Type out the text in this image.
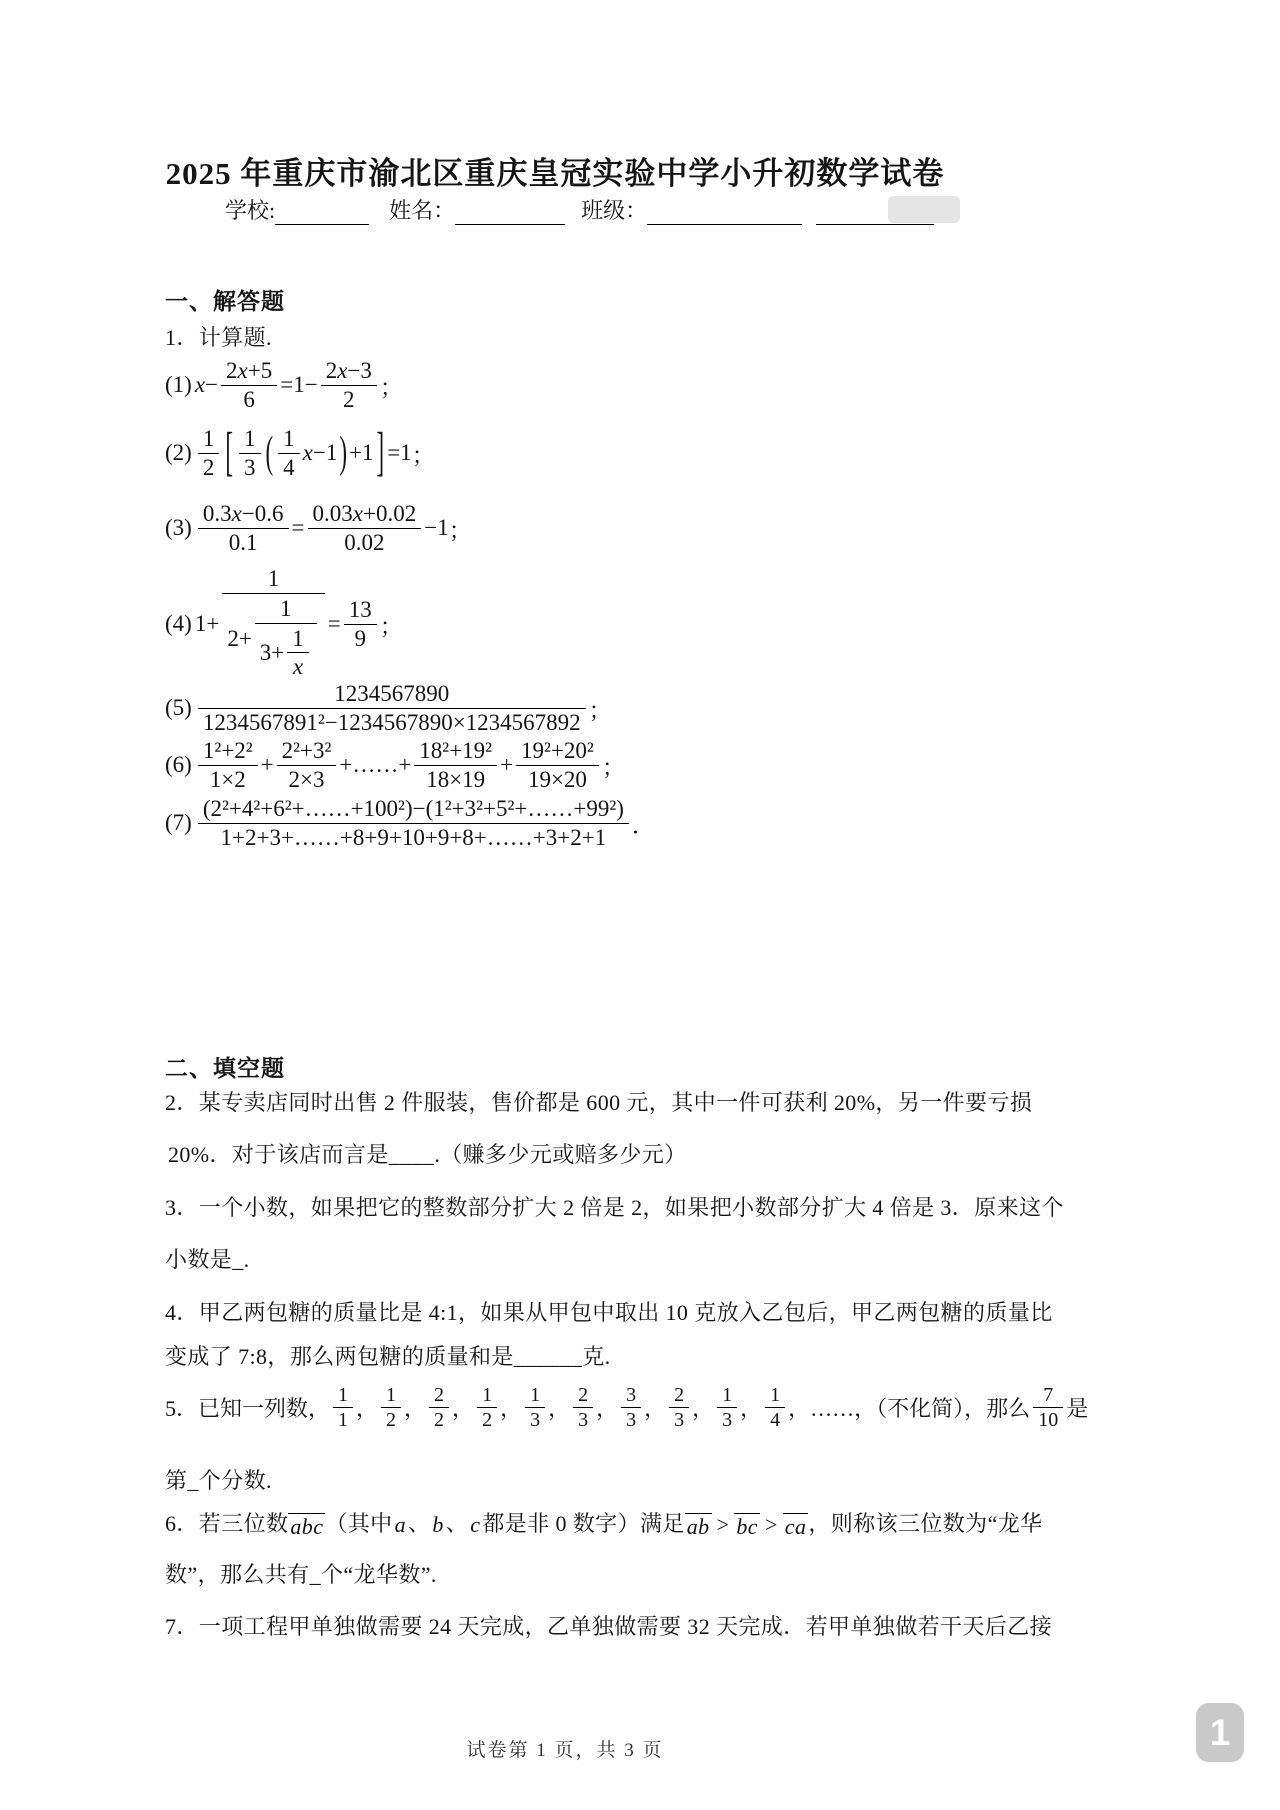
2025 年重庆市渝北区重庆皇冠实验中学小升初数学试卷
学校:	姓名：	班级：
一、解答题
1．计算题.
(1) $x- \frac{2 x +5}{6} =1- \frac{2 x -3}{2}$ ；
$(2) \frac{1}{2}$ [ $\frac{1}{3}$ ( $\frac{1}{4} x-1$ ) +1 ] =1 ；
$(3) \frac{0.3 x -0.6}{0.1} = \frac{0.03 x +0.02}{0.02} -1$ ；
(4) 1+
1
$2+ \frac{1}{3+ \frac{1}{x}} = \frac{13}{9}$ ；
$(5) \frac{1234567890}{\text{1234567891²−1234567890×1234567892}}$ ；
$(6) \frac{\text{1²+2²}}{1\times 2} + \frac{\text{2²+3²}}{2\times 3}$ +……+ $\frac{\text{18²+19²}}{18\times 19} + \frac{\text{19²+20²}}{19\times 20}$ ；
$(7) \frac{\text{(2²+4²+6²+……+100²)−(1²+3²+5²+……+99²)}}{1+2+3+\dots\dots+8+9+10+9+8+\dots\dots+3+2+1}$ ．
二、填空题
2．某专卖店同时出售 2 件服装，售价都是 600 元，其中一件可获利 20%，另一件要亏损
20%．对于该店而言是____.（赚多少元或赔多少元）
3．一个小数，如果把它的整数部分扩大 2 倍是 2，如果把小数部分扩大 4 倍是 3．原来这个
小数是_.
4．甲乙两包糖的质量比是 4:1，如果从甲包中取出 10 克放入乙包后，甲乙两包糖的质量比
变成了 7:8，那么两包糖的质量和是______克.
5．已知一列数， $\frac{1}{1}$ ， $\frac{1}{2}$ ， $\frac{2}{2}$ ， $\frac{1}{2}$ ， $\frac{1}{3}$ ， $\frac{2}{3}$ ， $\frac{3}{3}$ ， $\frac{2}{3}$ ， $\frac{1}{3}$ ， $\frac{1}{4}$ ， ……，（不化简），那么 $\frac{7}{10}$ 是
第_个分数.
6．若三位数 abc （其中 a 、 b 、 c 都是非 0 数字）满足 ab > bc > ca ，则称该三位数为“龙华
数”，那么共有_个“龙华数”.
7．一项工程甲单独做需要 24 天完成，乙单独做需要 32 天完成．若甲单独做若干天后乙接
试卷第 1 页，共 3 页	1
